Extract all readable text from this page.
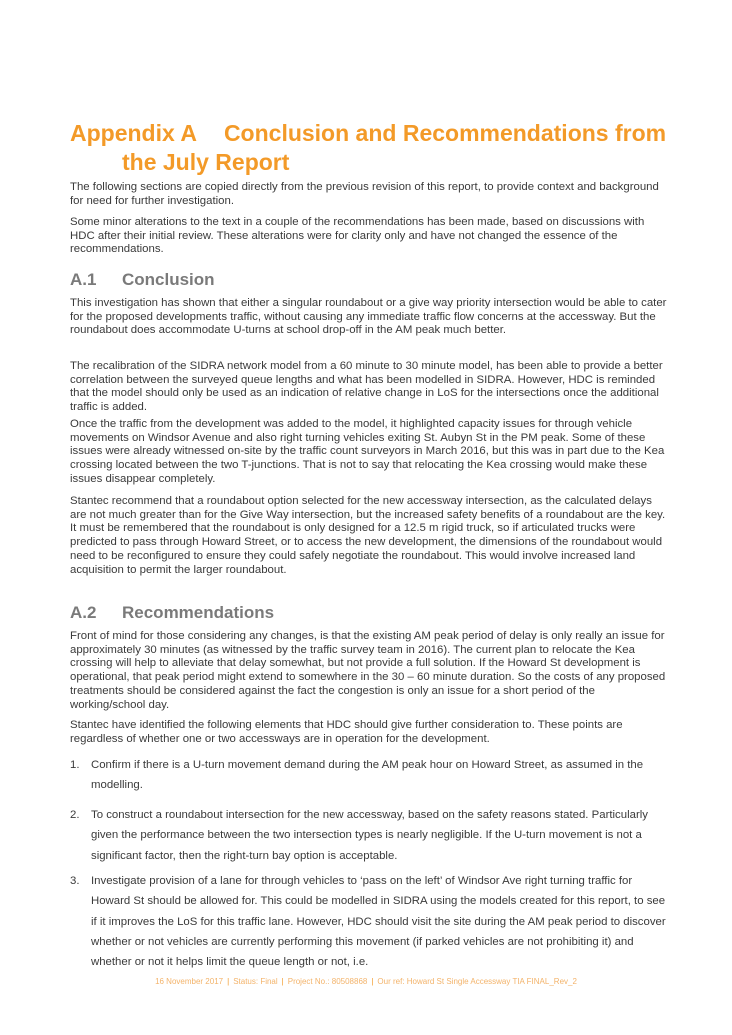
Appendix A Conclusion and Recommendations from
the July Report

The following sections are copied directly from the previous revision of this report, to provide context and background for need for further investigation.

Some minor alterations to the text in a couple of the recommendations has been made, based on discussions with HDC after their initial review. These alterations were for clarity only and have not changed the essence of the recommendations.

A.1 Conclusion

This investigation has shown that either a singular roundabout or a give way priority intersection would be able to cater for the proposed developments traffic, without causing any immediate traffic flow concerns at the accessway. But the roundabout does accommodate U-turns at school drop-off in the AM peak much better.

The recalibration of the SIDRA network model from a 60 minute to 30 minute model, has been able to provide a better correlation between the surveyed queue lengths and what has been modelled in SIDRA. However, HDC is reminded that the model should only be used as an indication of relative change in LoS for the intersections once the additional traffic is added.

Once the traffic from the development was added to the model, it highlighted capacity issues for through vehicle movements on Windsor Avenue and also right turning vehicles exiting St. Aubyn St in the PM peak. Some of these issues were already witnessed on-site by the traffic count surveyors in March 2016, but this was in part due to the Kea crossing located between the two T-junctions. That is not to say that relocating the Kea crossing would make these issues disappear completely.

Stantec recommend that a roundabout option selected for the new accessway intersection, as the calculated delays are not much greater than for the Give Way intersection, but the increased safety benefits of a roundabout are the key. It must be remembered that the roundabout is only designed for a 12.5 m rigid truck, so if articulated trucks were predicted to pass through Howard Street, or to access the new development, the dimensions of the roundabout would need to be reconfigured to ensure they could safely negotiate the roundabout. This would involve increased land acquisition to permit the larger roundabout.

A.2 Recommendations

Front of mind for those considering any changes, is that the existing AM peak period of delay is only really an issue for approximately 30 minutes (as witnessed by the traffic survey team in 2016). The current plan to relocate the Kea crossing will help to alleviate that delay somewhat, but not provide a full solution. If the Howard St development is operational, that peak period might extend to somewhere in the 30 – 60 minute duration. So the costs of any proposed treatments should be considered against the fact the congestion is only an issue for a short period of the working/school day.

Stantec have identified the following elements that HDC should give further consideration to. These points are regardless of whether one or two accessways are in operation for the development.

1.	Confirm if there is a U-turn movement demand during the AM peak hour on Howard Street, as assumed in the modelling.
2.	To construct a roundabout intersection for the new accessway, based on the safety reasons stated. Particularly given the performance between the two intersection types is nearly negligible. If the U-turn movement is not a significant factor, then the right-turn bay option is acceptable.
3.	Investigate provision of a lane for through vehicles to ‘pass on the left’ of Windsor Ave right turning traffic for Howard St should be allowed for. This could be modelled in SIDRA using the models created for this report, to see if it improves the LoS for this traffic lane. However, HDC should visit the site during the AM peak period to discover whether or not vehicles are currently performing this movement (if parked vehicles are not prohibiting it) and whether or not it helps limit the queue length or not, i.e.
16 November 2017 | Status: Final | Project No.: 80508868 | Our ref: Howard St Single Accessway TIA FINAL_Rev_2
